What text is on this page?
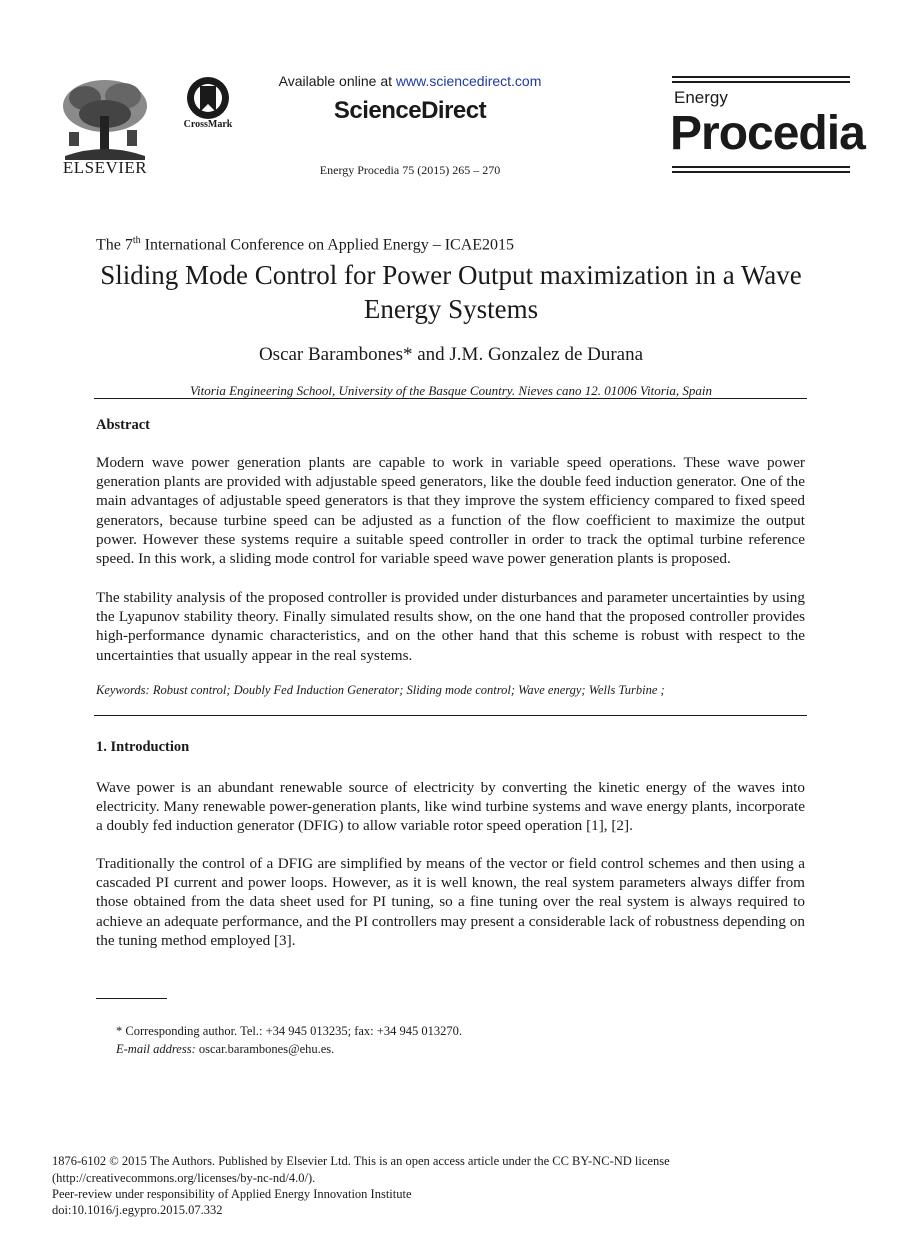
ELSEVIER
CrossMark
Available online at www.sciencedirect.com
ScienceDirect
Energy Procedia 75 (2015) 265 – 270
Energy
Procedia
The 7th International Conference on Applied Energy – ICAE2015
Sliding Mode Control for Power Output maximization in a Wave Energy Systems
Oscar Barambones* and J.M. Gonzalez de Durana
Vitoria Engineering School, University of the Basque Country. Nieves cano 12. 01006 Vitoria, Spain
Abstract
Modern wave power generation plants are capable to work in variable speed operations. These wave power generation plants are provided with adjustable speed generators, like the double feed induction generator. One of the main advantages of adjustable speed generators is that they improve the system efficiency compared to fixed speed generators, because turbine speed can be adjusted as a function of the flow coefficient to maximize the output power. However these systems require a suitable speed controller in order to track the optimal turbine reference speed. In this work, a sliding mode control for variable speed wave power generation plants is proposed.
The stability analysis of the proposed controller is provided under disturbances and parameter uncertainties by using the Lyapunov stability theory. Finally simulated results show, on the one hand that the proposed controller provides high-performance dynamic characteristics, and on the other hand that this scheme is robust with respect to the uncertainties that usually appear in the real systems.
Keywords: Robust control; Doubly Fed Induction Generator; Sliding mode control; Wave energy; Wells Turbine ;
1. Introduction
Wave power is an abundant renewable source of electricity by converting the kinetic energy of the waves into electricity. Many renewable power-generation plants, like wind turbine systems and wave energy plants, incorporate a doubly fed induction generator (DFIG) to allow variable rotor speed operation [1], [2].
Traditionally the control of a DFIG are simplified by means of the vector or field control schemes and then using a cascaded PI current and power loops. However, as it is well known, the real system parameters always differ from those obtained from the data sheet used for PI tuning, so a fine tuning over the real system is always required to achieve an adequate performance, and the PI controllers may present a considerable lack of robustness depending on the tuning method employed [3].
* Corresponding author. Tel.: +34 945 013235; fax: +34 945 013270.
E-mail address: oscar.barambones@ehu.es.
1876-6102 © 2015 The Authors. Published by Elsevier Ltd. This is an open access article under the CC BY-NC-ND license
(http://creativecommons.org/licenses/by-nc-nd/4.0/).
Peer-review under responsibility of Applied Energy Innovation Institute
doi:10.1016/j.egypro.2015.07.332
